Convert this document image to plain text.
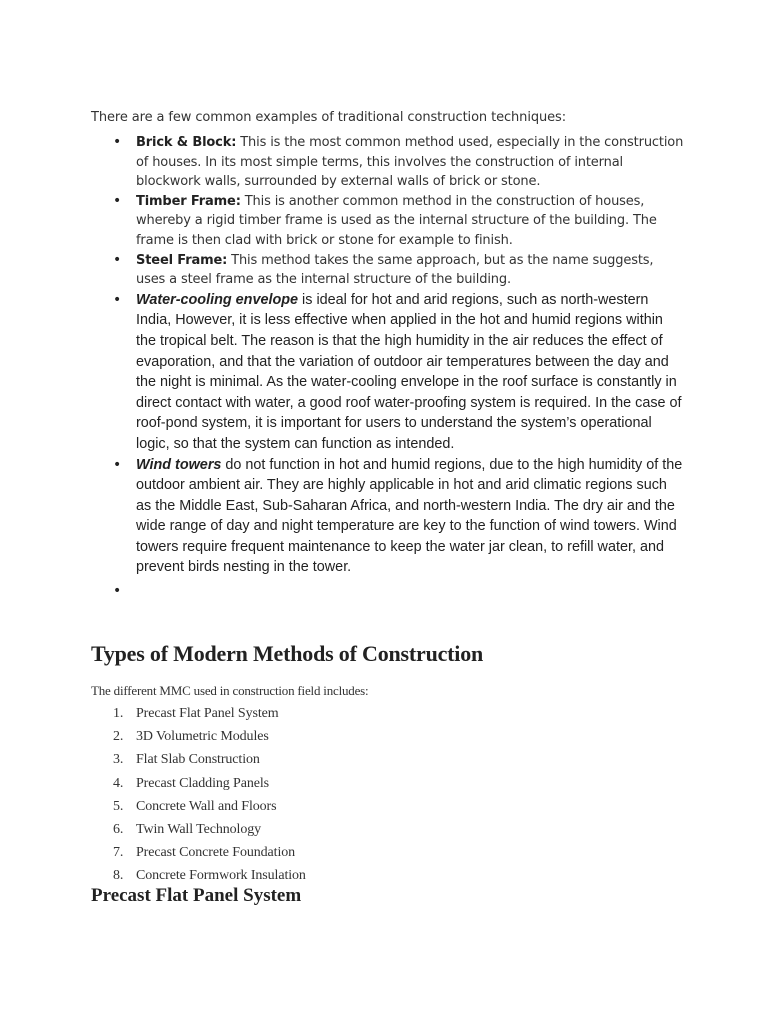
There are a few common examples of traditional construction techniques:

• Brick & Block: This is the most common method used, especially in the construction of houses. In its most simple terms, this involves the construction of internal blockwork walls, surrounded by external walls of brick or stone.
• Timber Frame: This is another common method in the construction of houses, whereby a rigid timber frame is used as the internal structure of the building. The frame is then clad with brick or stone for example to finish.
• Steel Frame: This method takes the same approach, but as the name suggests, uses a steel frame as the internal structure of the building.
• Water-cooling envelope is ideal for hot and arid regions, such as north-western India, However, it is less effective when applied in the hot and humid regions within the tropical belt. The reason is that the high humidity in the air reduces the effect of evaporation, and that the variation of outdoor air temperatures between the day and the night is minimal. As the water-cooling envelope in the roof surface is constantly in direct contact with water, a good roof water-proofing system is required. In the case of roof-pond system, it is important for users to understand the system’s operational logic, so that the system can function as intended.
• Wind towers do not function in hot and humid regions, due to the high humidity of the outdoor ambient air. They are highly applicable in hot and arid climatic regions such as the Middle East, Sub-Saharan Africa, and north-western India. The dry air and the wide range of day and night temperature are key to the function of wind towers. Wind towers require frequent maintenance to keep the water jar clean, to refill water, and prevent birds nesting in the tower.
•
Types of Modern Methods of Construction

The different MMC used in construction field includes:

1. Precast Flat Panel System
2. 3D Volumetric Modules
3. Flat Slab Construction
4. Precast Cladding Panels
5. Concrete Wall and Floors
6. Twin Wall Technology
7. Precast Concrete Foundation
8. Concrete Formwork Insulation
Precast Flat Panel System
